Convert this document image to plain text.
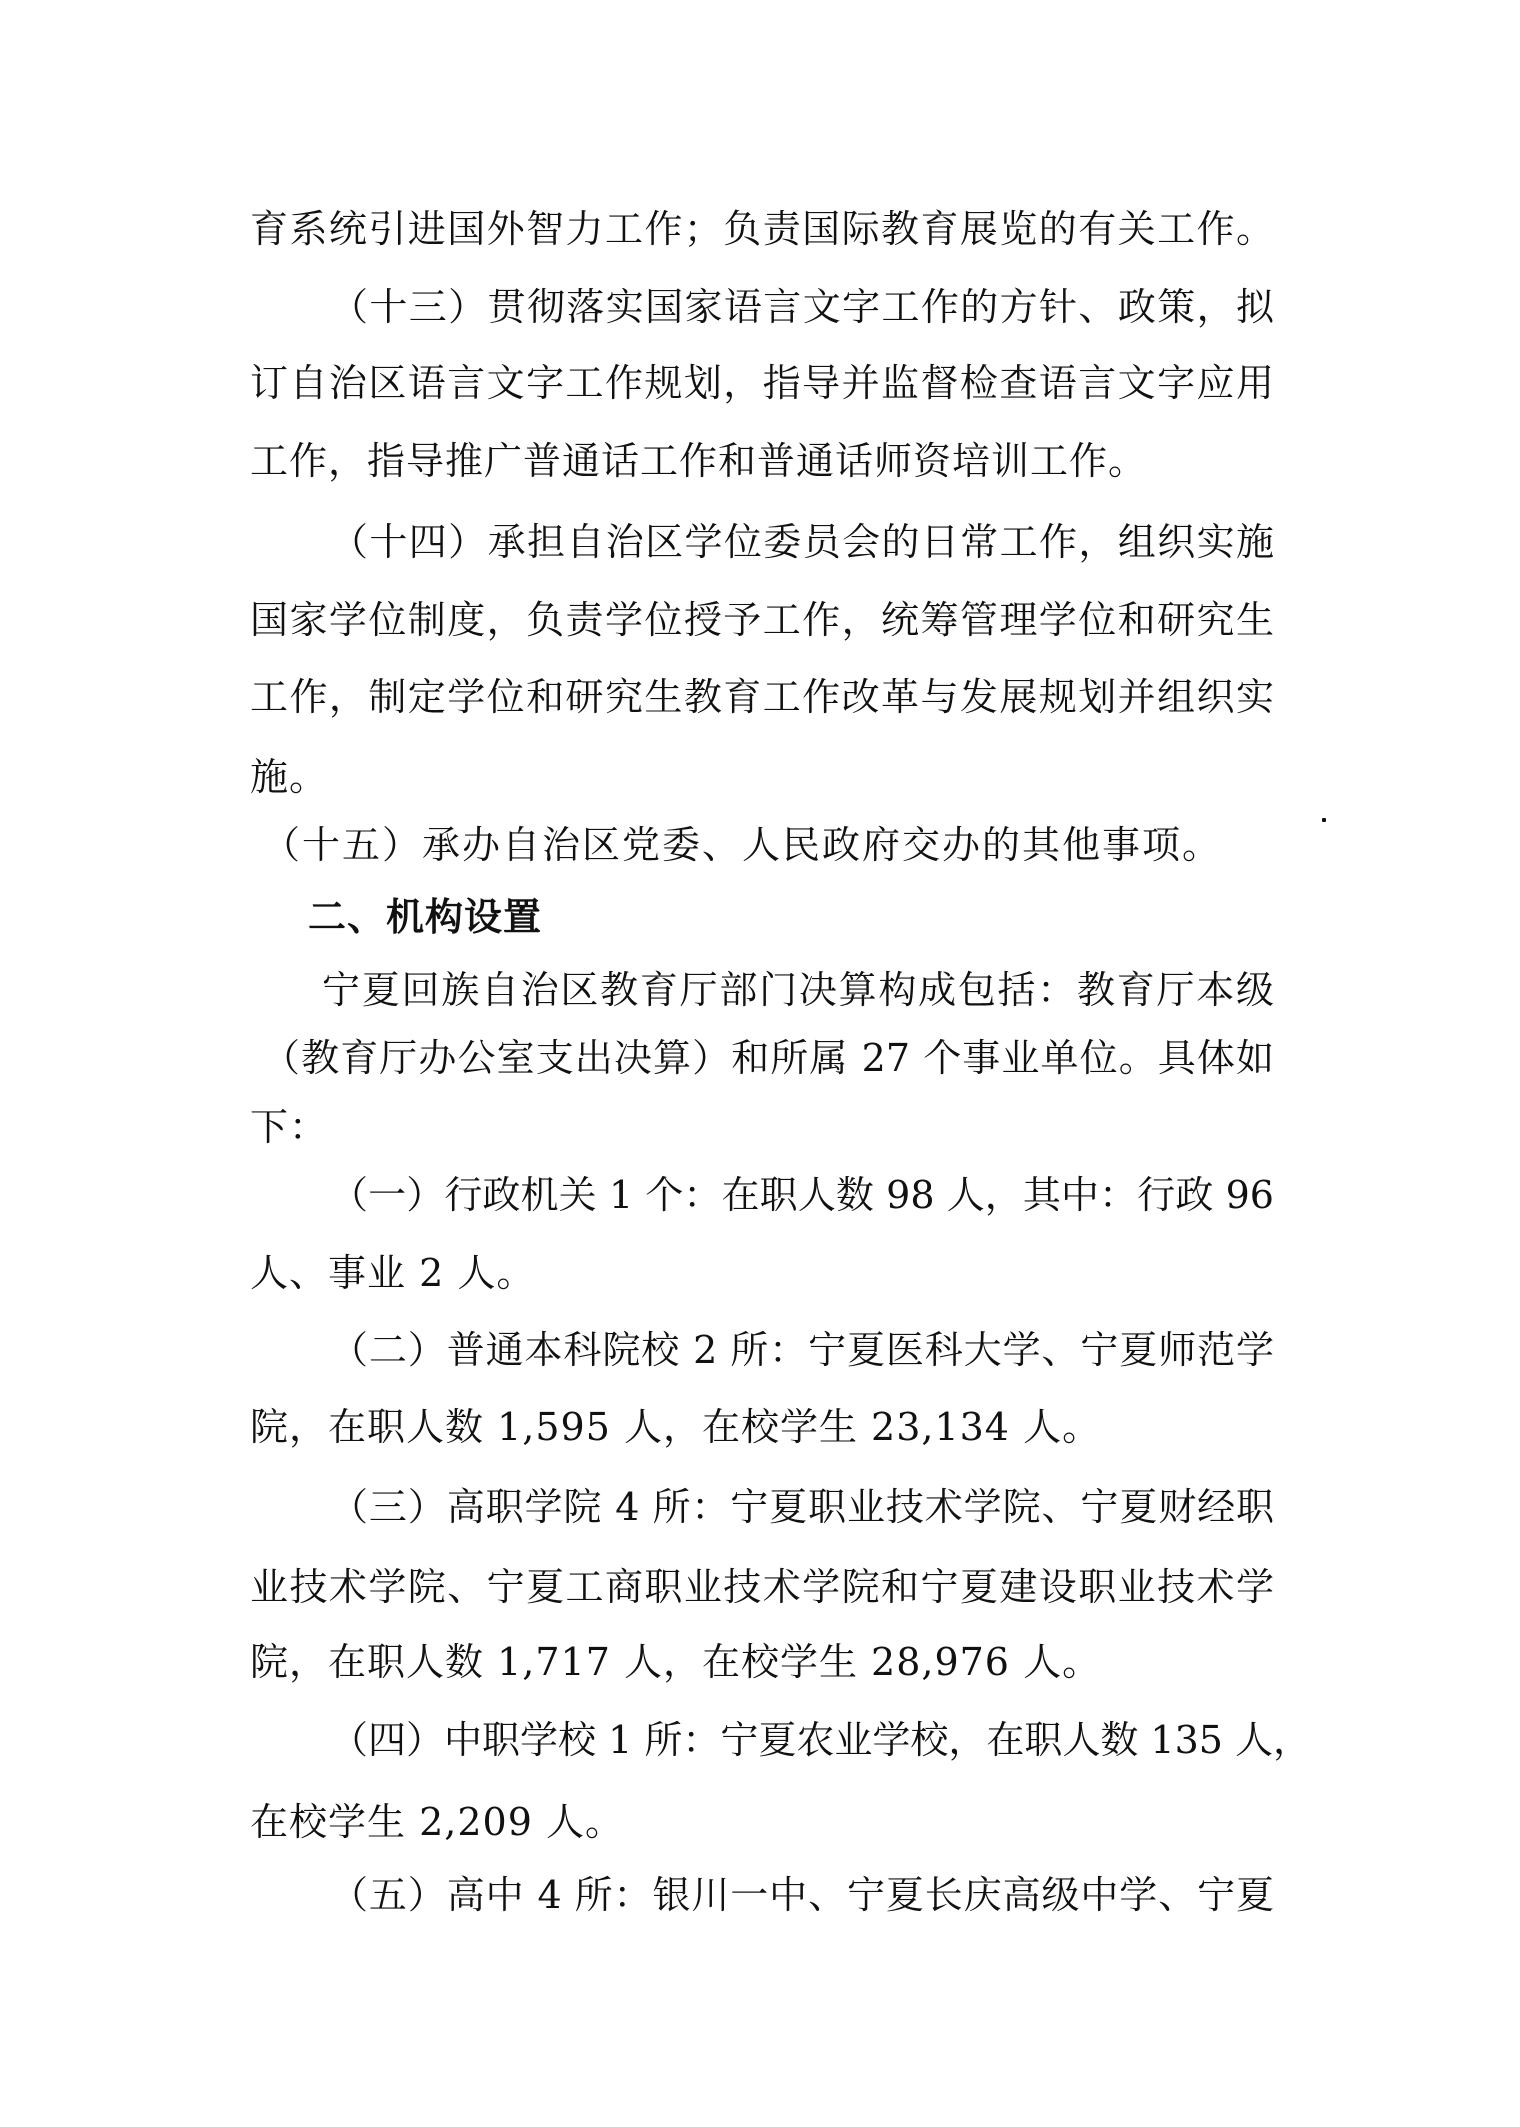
育系统引进国外智力工作；负责国际教育展览的有关工作。
（十三）贯彻落实国家语言文字工作的方针、政策，拟
订自治区语言文字工作规划，指导并监督检查语言文字应用
工作，指导推广普通话工作和普通话师资培训工作。
（十四）承担自治区学位委员会的日常工作，组织实施
国家学位制度，负责学位授予工作，统筹管理学位和研究生
工作，制定学位和研究生教育工作改革与发展规划并组织实
施。
（十五）承办自治区党委、人民政府交办的其他事项。
二、机构设置
宁夏回族自治区教育厅部门决算构成包括：教育厅本级
（教育厅办公室支出决算）和所属 27 个事业单位。具体如
下：
（一）行政机关 1 个：在职人数 98 人，其中：行政 96
人、事业 2 人。
（二）普通本科院校 2 所：宁夏医科大学、宁夏师范学
院，在职人数 1,595 人，在校学生 23,134 人。
（三）高职学院 4 所：宁夏职业技术学院、宁夏财经职
业技术学院、宁夏工商职业技术学院和宁夏建设职业技术学
院，在职人数 1,717 人，在校学生 28,976 人。
（四）中职学校 1 所：宁夏农业学校，在职人数 135 人，
在校学生 2,209 人。
（五）高中 4 所：银川一中、宁夏长庆高级中学、宁夏
